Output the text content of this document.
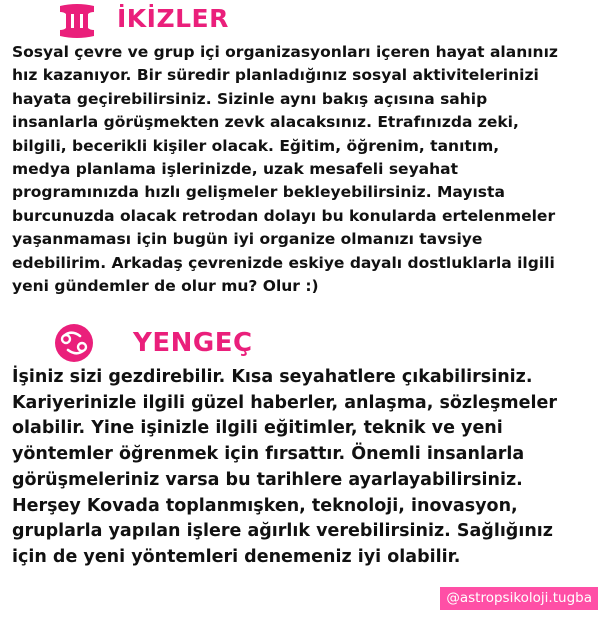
İKİZLER

Sosyal çevre ve grup içi organizasyonları içeren hayat alanınız
hız kazanıyor. Bir süredir planladığınız sosyal aktivitelerinizi
hayata geçirebilirsiniz. Sizinle aynı bakış açısına sahip
insanlarla görüşmekten zevk alacaksınız. Etrafınızda zeki,
bilgili, becerikli kişiler olacak. Eğitim, öğrenim, tanıtım,
medya planlama işlerinizde, uzak mesafeli seyahat
programınızda hızlı gelişmeler bekleyebilirsiniz. Mayısta
burcunuzda olacak retrodan dolayı bu konularda ertelenmeler
yaşanmaması için bugün iyi organize olmanızı tavsiye
edebilirim. Arkadaş çevrenizde eskiye dayalı dostluklarla ilgili
yeni gündemler de olur mu? Olur :)

YENGEÇ

İşiniz sizi gezdirebilir. Kısa seyahatlere çıkabilirsiniz.
Kariyerinizle ilgili güzel haberler, anlaşma, sözleşmeler
olabilir. Yine işinizle ilgili eğitimler, teknik ve yeni
yöntemler öğrenmek için fırsattır. Önemli insanlarla
görüşmeleriniz varsa bu tarihlere ayarlayabilirsiniz.
Herşey Kovada toplanmışken, teknoloji, inovasyon,
gruplarla yapılan işlere ağırlık verebilirsiniz. Sağlığınız
için de yeni yöntemleri denemeniz iyi olabilir.

@astropsikoloji.tugba
